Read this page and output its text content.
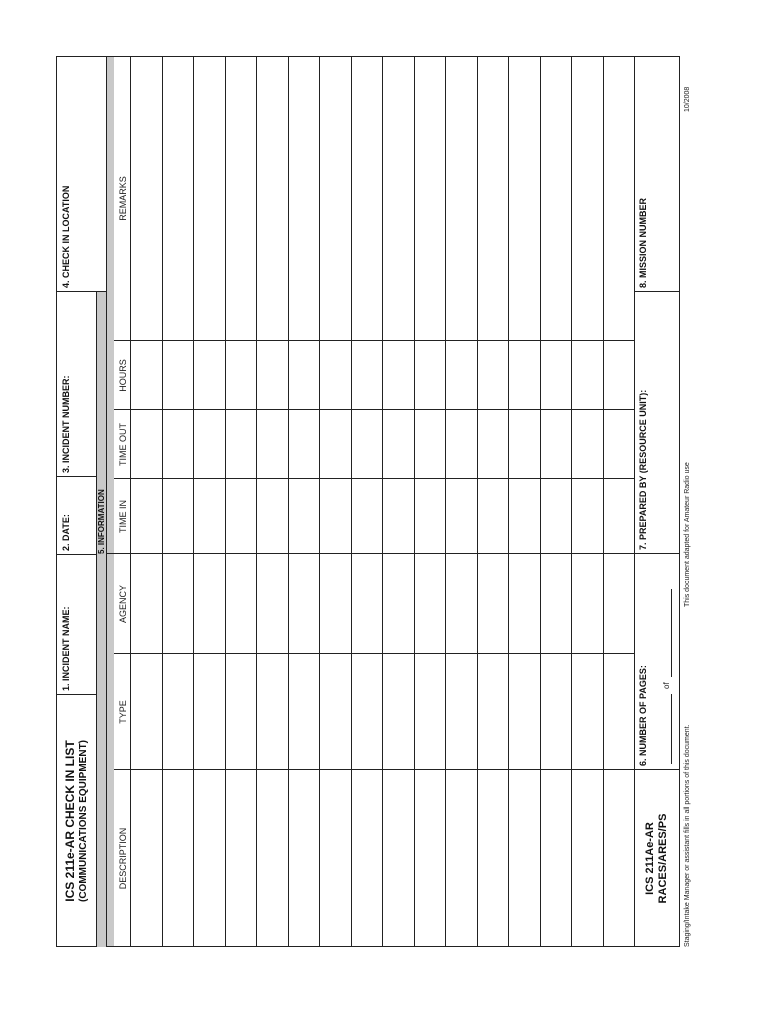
ICS 211e-AR CHECK IN LIST (COMMUNICATIONS EQUIPMENT)
1. INCIDENT NAME:
2. DATE:
3. INCIDENT NUMBER:
4. CHECK IN LOCATION
5. INFORMATION
DESCRIPTION
TYPE
AGENCY
TIME IN
TIME OUT
HOURS
REMARKS
ICS 211Ae-AR RACES/ARES/PS
6. NUMBER OF PAGES: of
7. PREPARED BY (RESOURCE UNIT):
8. MISSION NUMBER
Staging/Intake Manager or assistant fills in all portions of this document.
This document adapted for Amateur Radio use
10/2008
